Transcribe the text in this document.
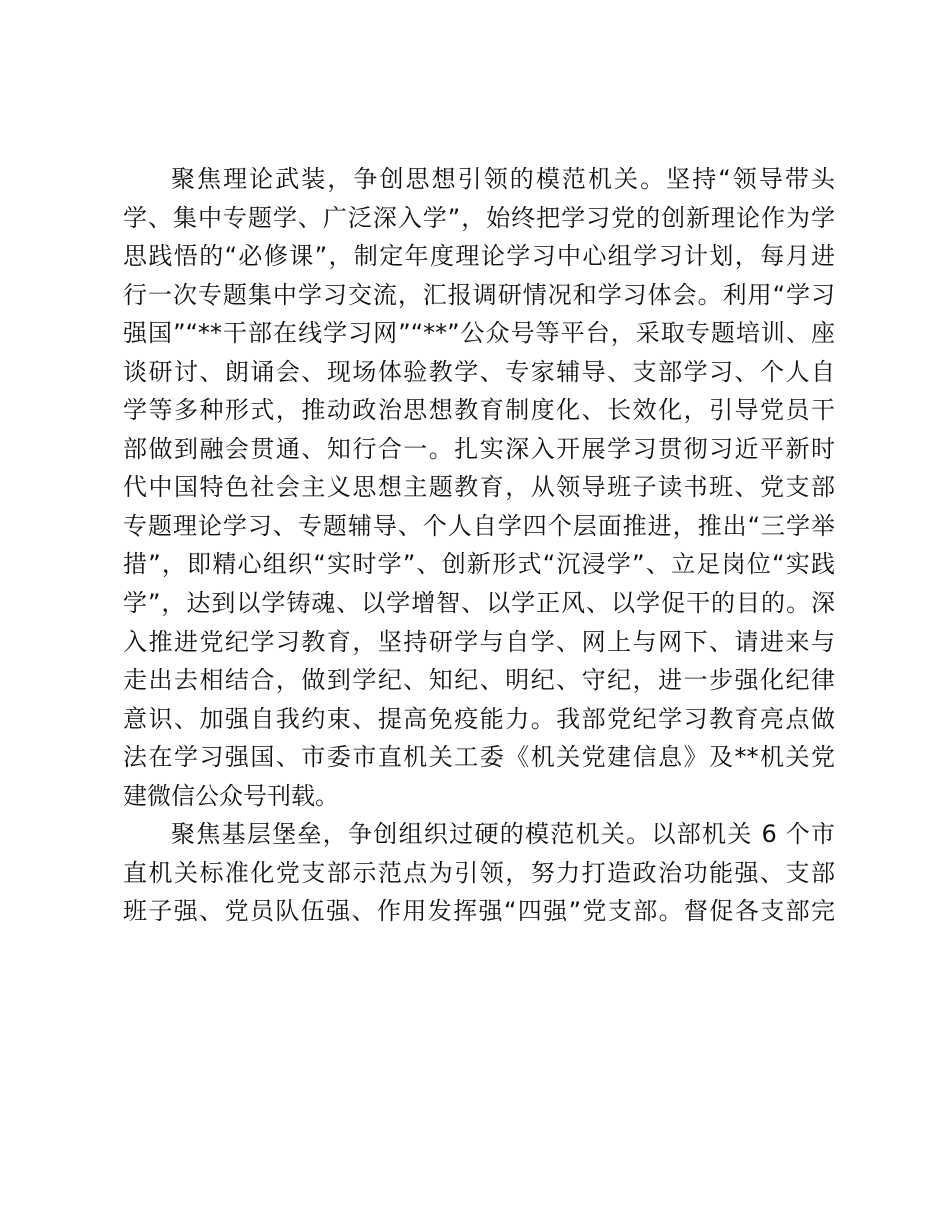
聚焦理论武装，争创思想引领的模范机关。坚持“领导带头
学、集中专题学、广泛深入学”，始终把学习党的创新理论作为学
思践悟的“必修课”，制定年度理论学习中心组学习计划，每月进
行一次专题集中学习交流，汇报调研情况和学习体会。利用“学习
强国”“**干部在线学习网”“**”公众号等平台，采取专题培训、座
谈研讨、朗诵会、现场体验教学、专家辅导、支部学习、个人自
学等多种形式，推动政治思想教育制度化、长效化，引导党员干
部做到融会贯通、知行合一。扎实深入开展学习贯彻习近平新时
代中国特色社会主义思想主题教育，从领导班子读书班、党支部
专题理论学习、专题辅导、个人自学四个层面推进，推出“三学举
措”，即精心组织“实时学”、创新形式“沉浸学”、立足岗位“实践
学”，达到以学铸魂、以学增智、以学正风、以学促干的目的。深
入推进党纪学习教育，坚持研学与自学、网上与网下、请进来与
走出去相结合，做到学纪、知纪、明纪、守纪，进一步强化纪律
意识、加强自我约束、提高免疫能力。我部党纪学习教育亮点做
法在学习强国、市委市直机关工委《机关党建信息》及**机关党
建微信公众号刊载。
聚焦基层堡垒，争创组织过硬的模范机关。以部机关 6 个市
直机关标准化党支部示范点为引领，努力打造政治功能强、支部
班子强、党员队伍强、作用发挥强“四强”党支部。督促各支部完
